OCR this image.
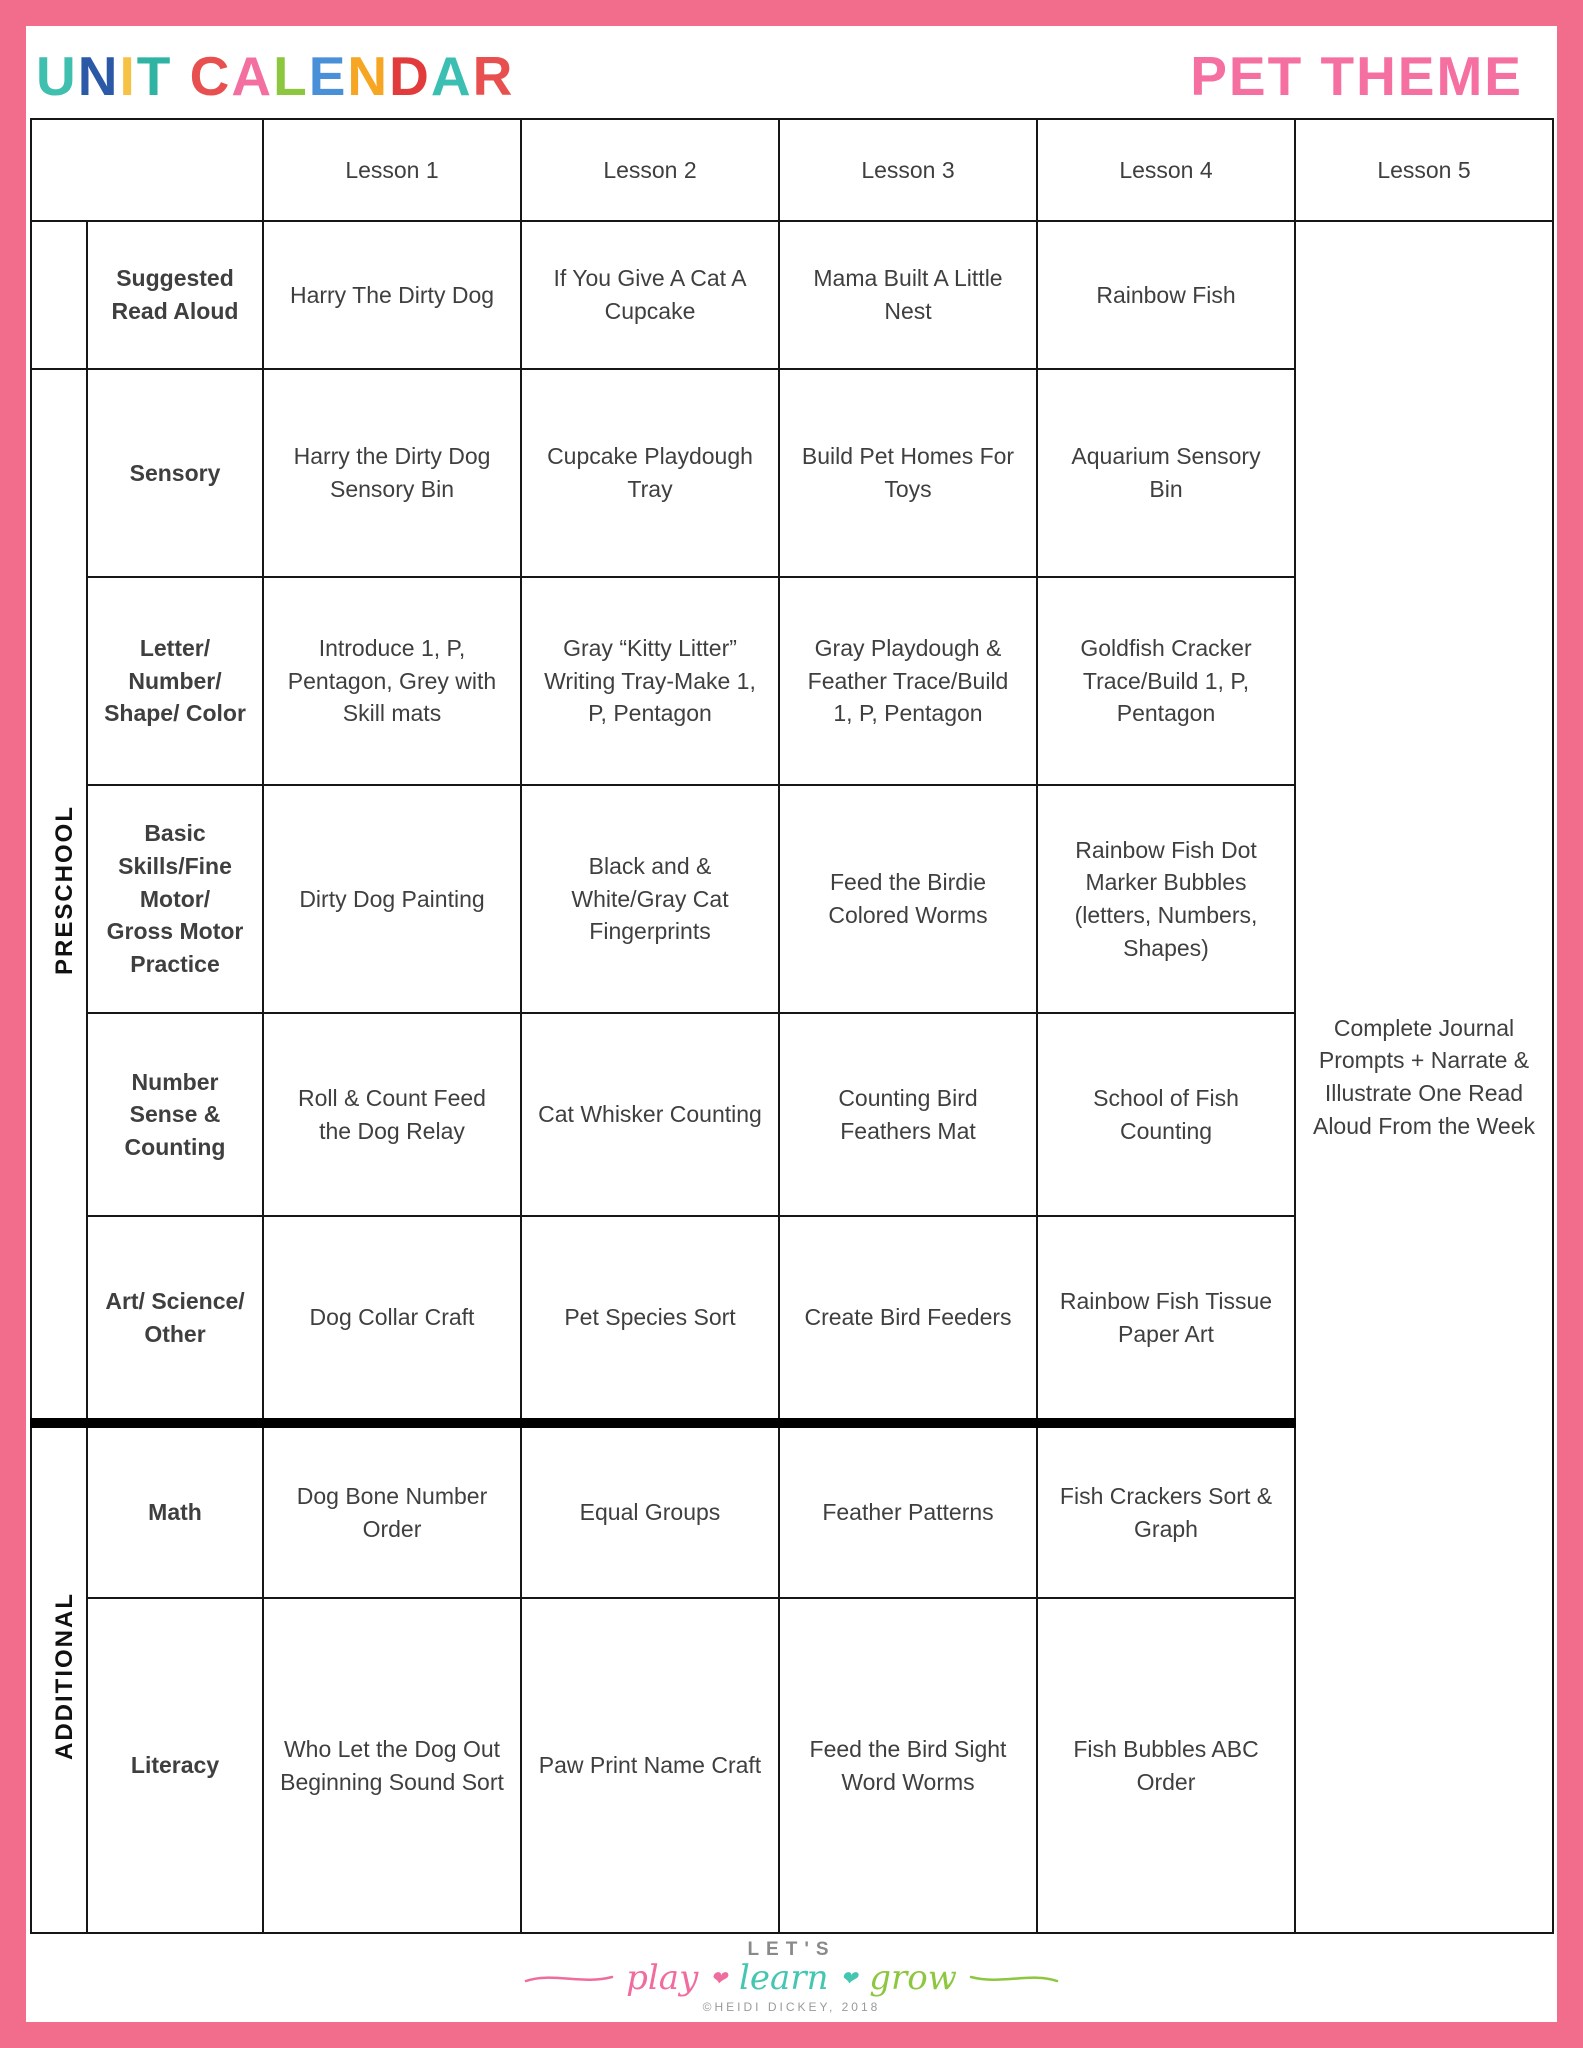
UNIT CALENDAR	PET THEME
		Lesson 1	Lesson 2	Lesson 3	Lesson 4	Lesson 5
	Suggested Read Aloud	Harry The Dirty Dog	If You Give A Cat A Cupcake	Mama Built A Little Nest	Rainbow Fish	Complete Journal Prompts + Narrate & Illustrate One Read Aloud From the Week
PRESCHOOL	Sensory	Harry the Dirty Dog Sensory Bin	Cupcake Playdough Tray	Build Pet Homes For Toys	Aquarium Sensory Bin	
	Letter/ Number/ Shape/ Color	Introduce 1, P, Pentagon, Grey with Skill mats	Gray “Kitty Litter” Writing Tray-Make 1, P, Pentagon	Gray Playdough & Feather Trace/Build 1, P, Pentagon	Goldfish Cracker Trace/Build 1, P, Pentagon	
	Basic Skills/Fine Motor/ Gross Motor Practice	Dirty Dog Painting	Black and & White/Gray Cat Fingerprints	Feed the Birdie Colored Worms	Rainbow Fish Dot Marker Bubbles (letters, Numbers, Shapes)	
	Number Sense & Counting	Roll & Count Feed the Dog Relay	Cat Whisker Counting	Counting Bird Feathers Mat	School of Fish Counting	
	Art/ Science/ Other	Dog Collar Craft	Pet Species Sort	Create Bird Feeders	Rainbow Fish Tissue Paper Art	
ADDITIONAL	Math	Dog Bone Number Order	Equal Groups	Feather Patterns	Fish Crackers Sort & Graph	
	Literacy	Who Let the Dog Out Beginning Sound Sort	Paw Print Name Craft	Feed the Bird Sight Word Worms	Fish Bubbles ABC Order	
LET'S
play ❤ learn ❤ grow
©HEIDI DICKEY, 2018
